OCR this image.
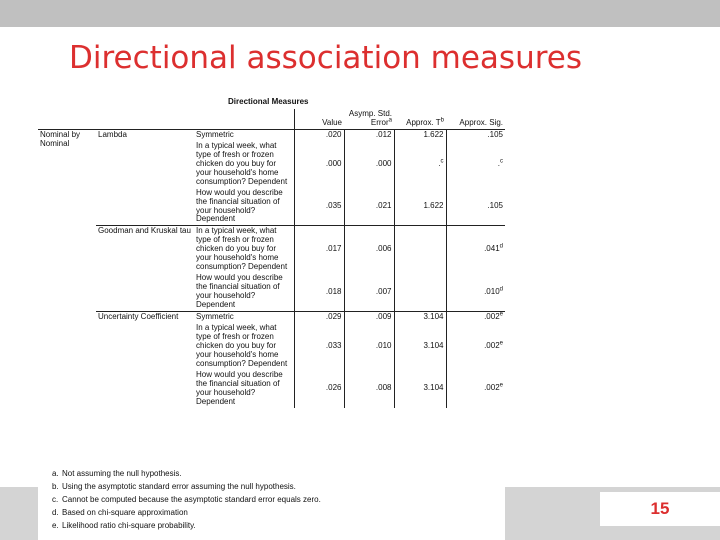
Directional association measures
Directional Measures
			Value	Asymp. Std. Error$^a$	Approx. $T^b$	Approx. Sig.
Nominal by Nominal	Lambda	Symmetric	.020	.012	1.622	.105
		In a typical week, what type of fresh or frozen chicken do you buy for your household's home consumption? Dependent	.000	.000	.$^c$	.$^c$
		How would you describe the financial situation of your household? Dependent	.035	.021	1.622	.105
	Goodman and Kruskal tau	In a typical week, what type of fresh or frozen chicken do you buy for your household's home consumption? Dependent	.017	.006		.041$^d$
		How would you describe the financial situation of your household? Dependent	.018	.007		.010$^d$
	Uncertainty Coefficient	Symmetric	.029	.009	3.104	.002e
		In a typical week, what type of fresh or frozen chicken do you buy for your household's home consumption? Dependent	.033	.010	3.104	.002e
		How would you describe the financial situation of your household? Dependent	.026	.008	3.104	.002e
a. Not assuming the null hypothesis.
b. Using the asymptotic standard error assuming the null hypothesis.
c. Cannot be computed because the asymptotic standard error equals zero.
d. Based on chi-square approximation
e. Likelihood ratio chi-square probability.
15
